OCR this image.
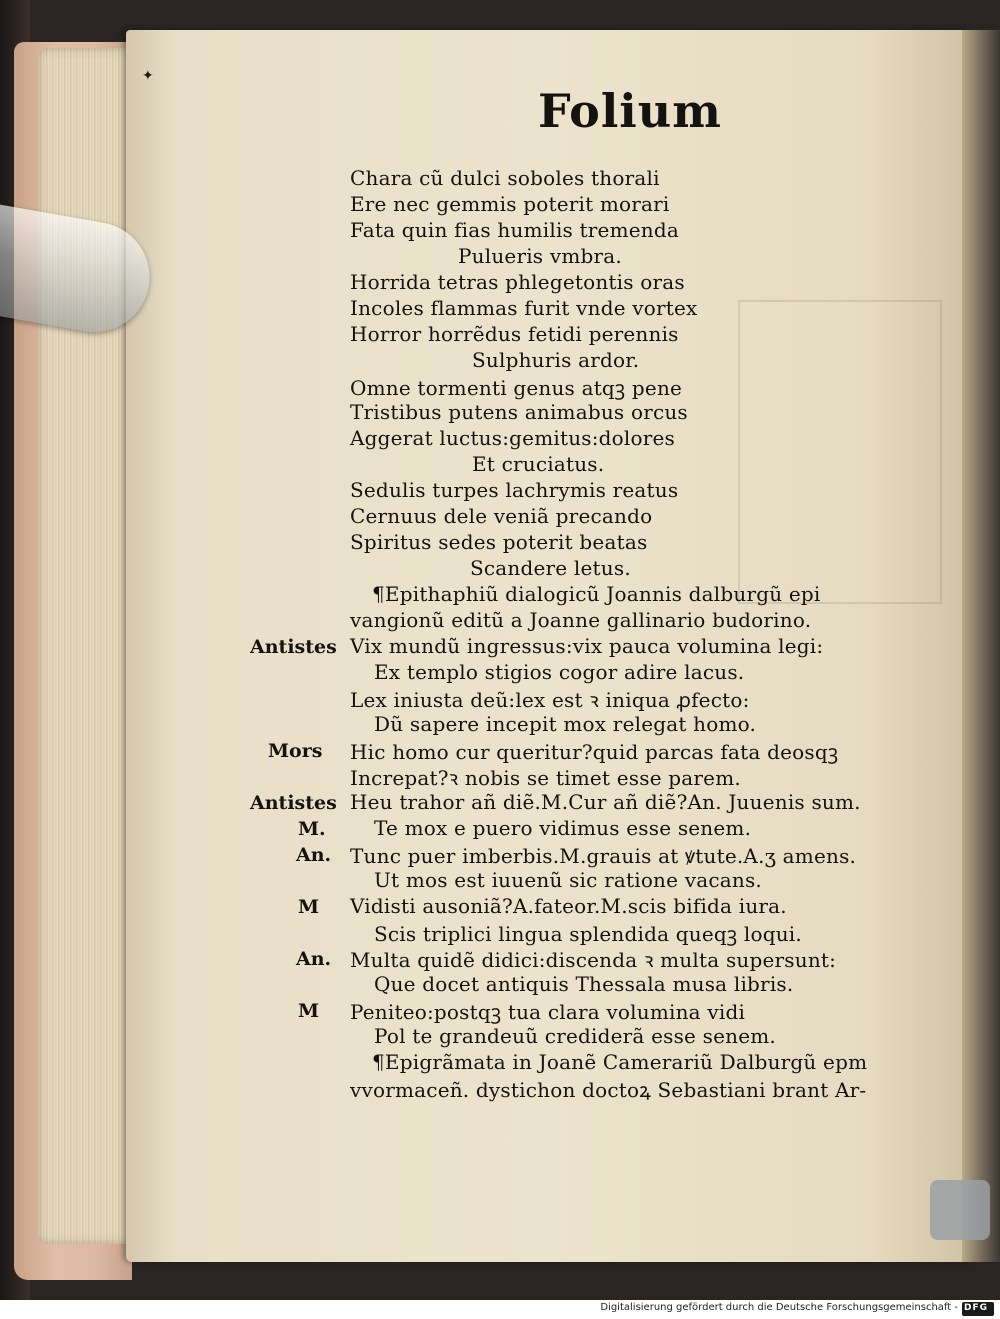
✦
Folium
Chara cũ dulci soboles thorali
Ere nec gemmis poterit morari
Fata quin fias humilis tremenda
Pulueris vmbra.
Horrida tetras phlegetontis oras
Incoles flammas furit vnde vortex
Horror horrẽdus fetidi perennis
Sulphuris ardor.
Omne tormenti genus atqꝫ pene
Tristibus putens animabus orcus
Aggerat luctus:gemitus:dolores
Et cruciatus.
Sedulis turpes lachrymis reatus
Cernuus dele veniã precando
Spiritus sedes poterit beatas
Scandere letus.
¶Epithaphiũ dialogicũ Joannis dalburgũ epi
vangionũ editũ a Joanne gallinario budorino.
Antistes Vix mundũ ingressus:vix pauca volumina legi:
Ex templo stigios cogor adire lacus.
Lex iniusta deũ:lex est ꝛ iniqua ꝓfecto:
Dũ sapere incepit mox relegat homo.
Mors Hic homo cur queritur?quid parcas fata deosqꝫ
Increpat?ꝛ nobis se timet esse parem.
Antistes Heu trahor añ diẽ.M.Cur añ diẽ?An. Juuenis sum.
M. Te mox e puero vidimus esse senem.
An. Tunc puer imberbis.M.grauis at ꝟtute.A.ʒ amens.
Ut mos est iuuenũ sic ratione vacans.
M Vidisti ausoniã?A.fateor.M.scis bifida iura.
Scis triplici lingua splendida queqꝫ loqui.
An. Multa quidẽ didici:discenda ꝛ multa supersunt:
Que docet antiquis Thessala musa libris.
M Peniteo:postqꝫ tua clara volumina vidi
Pol te grandeuũ crediderã esse senem.
¶Epigrãmata in Joanẽ Camerariũ Dalburgũ epm
vvormaceñ. dystichon doctoꝝ Sebastiani brant Ar-
Digitalisierung gefördert durch die Deutsche Forschungsgemeinschaft - DFG
